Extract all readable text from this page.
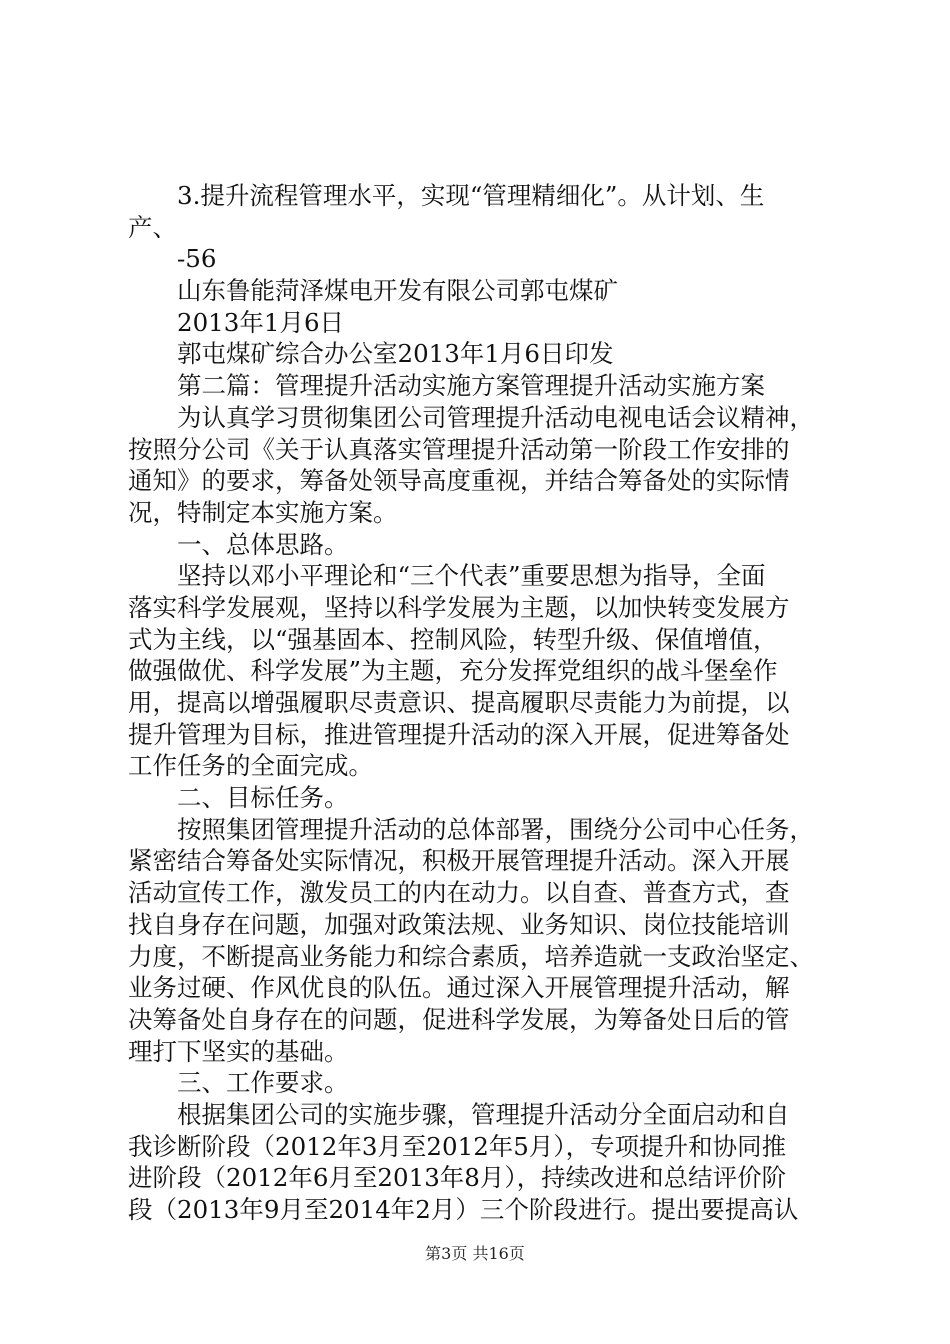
3.提升流程管理水平，实现“管理精细化”。从计划、生
产、
-56
山东鲁能菏泽煤电开发有限公司郭屯煤矿
2013年1月6日
郭屯煤矿综合办公室2013年1月6日印发
第二篇：管理提升活动实施方案管理提升活动实施方案
为认真学习贯彻集团公司管理提升活动电视电话会议精神，
按照分公司《关于认真落实管理提升活动第一阶段工作安排的
通知》的要求，筹备处领导高度重视，并结合筹备处的实际情
况，特制定本实施方案。
一、总体思路。
坚持以邓小平理论和“三个代表”重要思想为指导，全面
落实科学发展观，坚持以科学发展为主题，以加快转变发展方
式为主线，以“强基固本、控制风险，转型升级、保值增值，
做强做优、科学发展”为主题，充分发挥党组织的战斗堡垒作
用，提高以增强履职尽责意识、提高履职尽责能力为前提，以
提升管理为目标，推进管理提升活动的深入开展，促进筹备处
工作任务的全面完成。
二、目标任务。
按照集团管理提升活动的总体部署，围绕分公司中心任务，
紧密结合筹备处实际情况，积极开展管理提升活动。深入开展
活动宣传工作，激发员工的内在动力。以自查、普查方式，查
找自身存在问题，加强对政策法规、业务知识、岗位技能培训
力度，不断提高业务能力和综合素质，培养造就一支政治坚定、
业务过硬、作风优良的队伍。通过深入开展管理提升活动，解
决筹备处自身存在的问题，促进科学发展，为筹备处日后的管
理打下坚实的基础。
三、工作要求。
根据集团公司的实施步骤，管理提升活动分全面启动和自
我诊断阶段（2012年3月至2012年5月），专项提升和协同推
进阶段（2012年6月至2013年8月），持续改进和总结评价阶
段（2013年9月至2014年2月）三个阶段进行。提出要提高认
第3页 共16页
